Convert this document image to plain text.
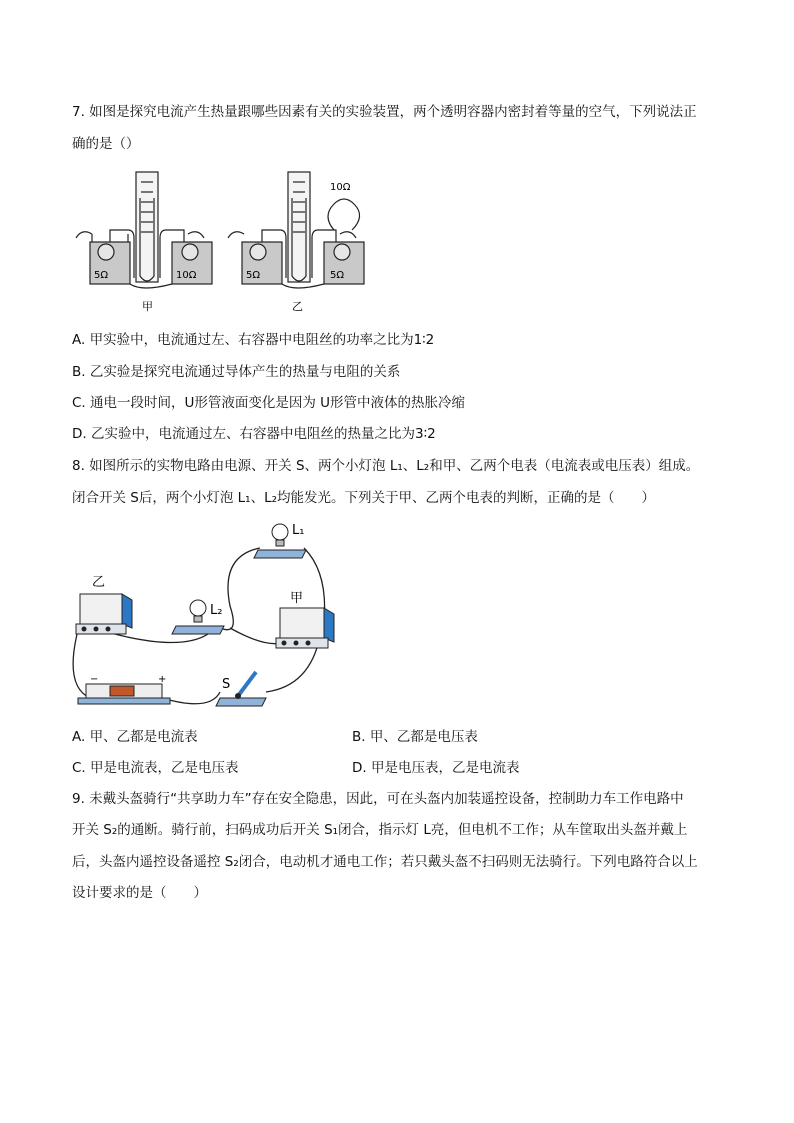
7. 如图是探究电流产生热量跟哪些因素有关的实验装置，两个透明容器内密封着等量的空气，下列说法正
确的是（）
5Ω	10Ω
甲
5Ω	5Ω
10Ω
乙
A. 甲实验中，电流通过左、右容器中电阻丝的功率之比为1∶2
B. 乙实验是探究电流通过导体产生的热量与电阻的关系
C. 通电一段时间，U形管液面变化是因为 U形管中液体的热胀冷缩
D. 乙实验中，电流通过左、右容器中电阻丝的热量之比为3∶2
8. 如图所示的实物电路由电源、开关 S、两个小灯泡 L₁、L₂和甲、乙两个电表（电流表或电压表）组成。
闭合开关 S后，两个小灯泡 L₁、L₂均能发光。下列关于甲、乙两个电表的判断，正确的是（　　）
乙
甲
L₁
L₂
−	+	S
A. 甲、乙都是电流表	B. 甲、乙都是电压表
C. 甲是电流表，乙是电压表	D. 甲是电压表，乙是电流表
9. 未戴头盔骑行“共享助力车”存在安全隐患，因此，可在头盔内加装遥控设备，控制助力车工作电路中
开关 S₂的通断。骑行前，扫码成功后开关 S₁闭合，指示灯 L亮，但电机不工作；从车筐取出头盔并戴上
后，头盔内遥控设备遥控 S₂闭合，电动机才通电工作；若只戴头盔不扫码则无法骑行。下列电路符合以上
设计要求的是（　　）
